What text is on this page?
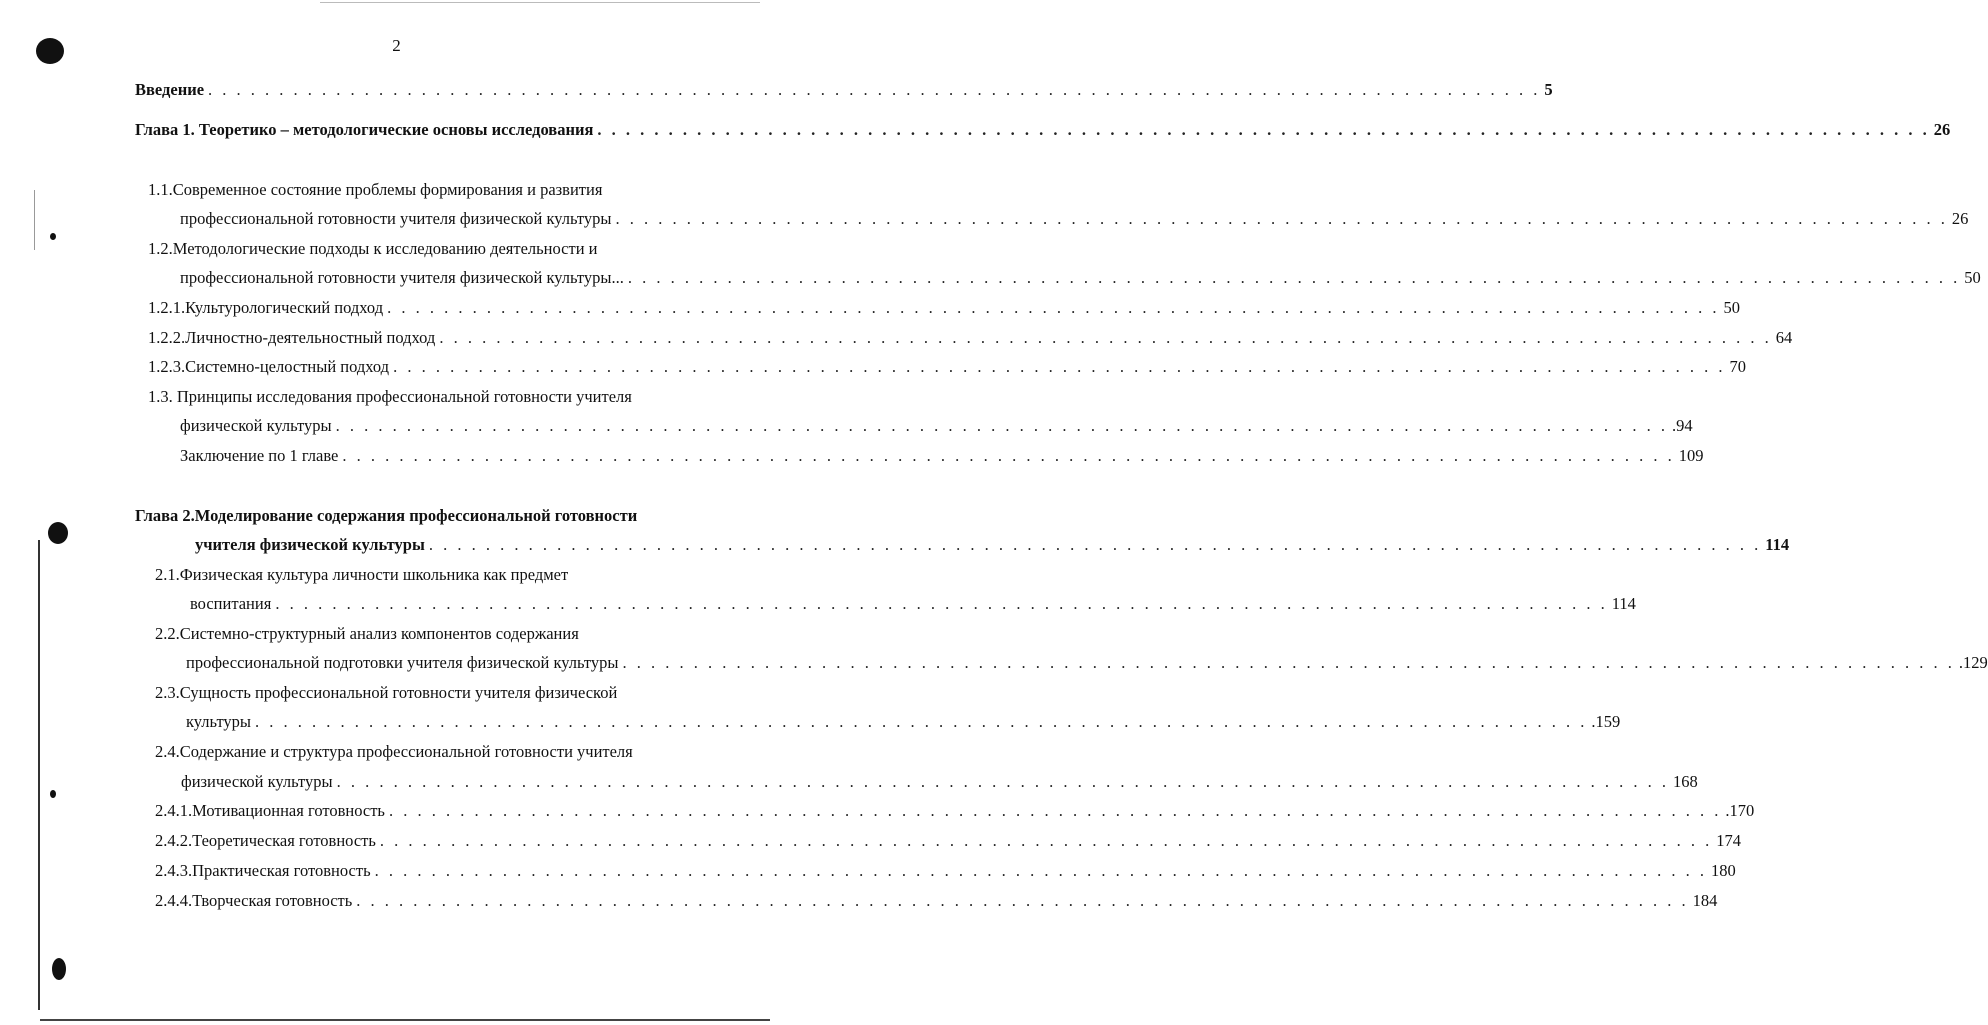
2
Введение . . . . . . . . . . . . . . . . . . . . . . . . . . . . . . . . . . . . . . . . . . . . . . . . . . . . . . . . . . . . . . . . . . . . . . . . . . . . . . . . . . . . . . . . . . . . . . 5
Глава 1. Теоретико – методологические основы исследования . . . . . . . . . . . . . . . . . . . . . . . . . . . . . . . . . . . . . . . . . . . . . . . . . . . . . . . . . . . . . . . . . . . . . . . . . . . . . . . . . . . . . . . . . . . . . . 26
1.1.Современное состояние проблемы формирования и развития
профессиональной готовности учителя физической культуры . . . . . . . . . . . . . . . . . . . . . . . . . . . . . . . . . . . . . . . . . . . . . . . . . . . . . . . . . . . . . . . . . . . . . . . . . . . . . . . . . . . . . . . . . . . . . . 26
1.2.Методологические подходы к исследованию деятельности и
профессиональной готовности учителя физической культуры... . . . . . . . . . . . . . . . . . . . . . . . . . . . . . . . . . . . . . . . . . . . . . . . . . . . . . . . . . . . . . . . . . . . . . . . . . . . . . . . . . . . . . . . . . . . . . . 50
1.2.1.Культурологический подход . . . . . . . . . . . . . . . . . . . . . . . . . . . . . . . . . . . . . . . . . . . . . . . . . . . . . . . . . . . . . . . . . . . . . . . . . . . . . . . . . . . . . . . . . . . . . . 50
1.2.2.Личностно-деятельностный подход . . . . . . . . . . . . . . . . . . . . . . . . . . . . . . . . . . . . . . . . . . . . . . . . . . . . . . . . . . . . . . . . . . . . . . . . . . . . . . . . . . . . . . . . . . . . . . 64
1.2.3.Системно-целостный подход . . . . . . . . . . . . . . . . . . . . . . . . . . . . . . . . . . . . . . . . . . . . . . . . . . . . . . . . . . . . . . . . . . . . . . . . . . . . . . . . . . . . . . . . . . . . . . 70
1.3. Принципы исследования профессиональной готовности учителя
физической культуры . . . . . . . . . . . . . . . . . . . . . . . . . . . . . . . . . . . . . . . . . . . . . . . . . . . . . . . . . . . . . . . . . . . . . . . . . . . . . . . . . . . . . . . . . . . . . . .94
Заключение по 1 главе . . . . . . . . . . . . . . . . . . . . . . . . . . . . . . . . . . . . . . . . . . . . . . . . . . . . . . . . . . . . . . . . . . . . . . . . . . . . . . . . . . . . . . . . . . . . . . 109
Глава 2.Моделирование содержания профессиональной готовности
учителя физической культуры . . . . . . . . . . . . . . . . . . . . . . . . . . . . . . . . . . . . . . . . . . . . . . . . . . . . . . . . . . . . . . . . . . . . . . . . . . . . . . . . . . . . . . . . . . . . . . 114
2.1.Физическая культура личности школьника как предмет
воспитания . . . . . . . . . . . . . . . . . . . . . . . . . . . . . . . . . . . . . . . . . . . . . . . . . . . . . . . . . . . . . . . . . . . . . . . . . . . . . . . . . . . . . . . . . . . . . . 114
2.2.Системно-структурный анализ компонентов содержания
профессиональной подготовки учителя физической культуры . . . . . . . . . . . . . . . . . . . . . . . . . . . . . . . . . . . . . . . . . . . . . . . . . . . . . . . . . . . . . . . . . . . . . . . . . . . . . . . . . . . . . . . . . . . . . . .129
2.3.Сущность профессиональной готовности учителя физической
культуры . . . . . . . . . . . . . . . . . . . . . . . . . . . . . . . . . . . . . . . . . . . . . . . . . . . . . . . . . . . . . . . . . . . . . . . . . . . . . . . . . . . . . . . . . . . . . . .159
2.4.Содержание и структура профессиональной готовности учителя
физической культуры . . . . . . . . . . . . . . . . . . . . . . . . . . . . . . . . . . . . . . . . . . . . . . . . . . . . . . . . . . . . . . . . . . . . . . . . . . . . . . . . . . . . . . . . . . . . . . 168
2.4.1.Мотивационная готовность . . . . . . . . . . . . . . . . . . . . . . . . . . . . . . . . . . . . . . . . . . . . . . . . . . . . . . . . . . . . . . . . . . . . . . . . . . . . . . . . . . . . . . . . . . . . . . .170
2.4.2.Теоретическая готовность . . . . . . . . . . . . . . . . . . . . . . . . . . . . . . . . . . . . . . . . . . . . . . . . . . . . . . . . . . . . . . . . . . . . . . . . . . . . . . . . . . . . . . . . . . . . . . 174
2.4.3.Практическая готовность . . . . . . . . . . . . . . . . . . . . . . . . . . . . . . . . . . . . . . . . . . . . . . . . . . . . . . . . . . . . . . . . . . . . . . . . . . . . . . . . . . . . . . . . . . . . . . 180
2.4.4.Творческая готовность . . . . . . . . . . . . . . . . . . . . . . . . . . . . . . . . . . . . . . . . . . . . . . . . . . . . . . . . . . . . . . . . . . . . . . . . . . . . . . . . . . . . . . . . . . . . . . 184
